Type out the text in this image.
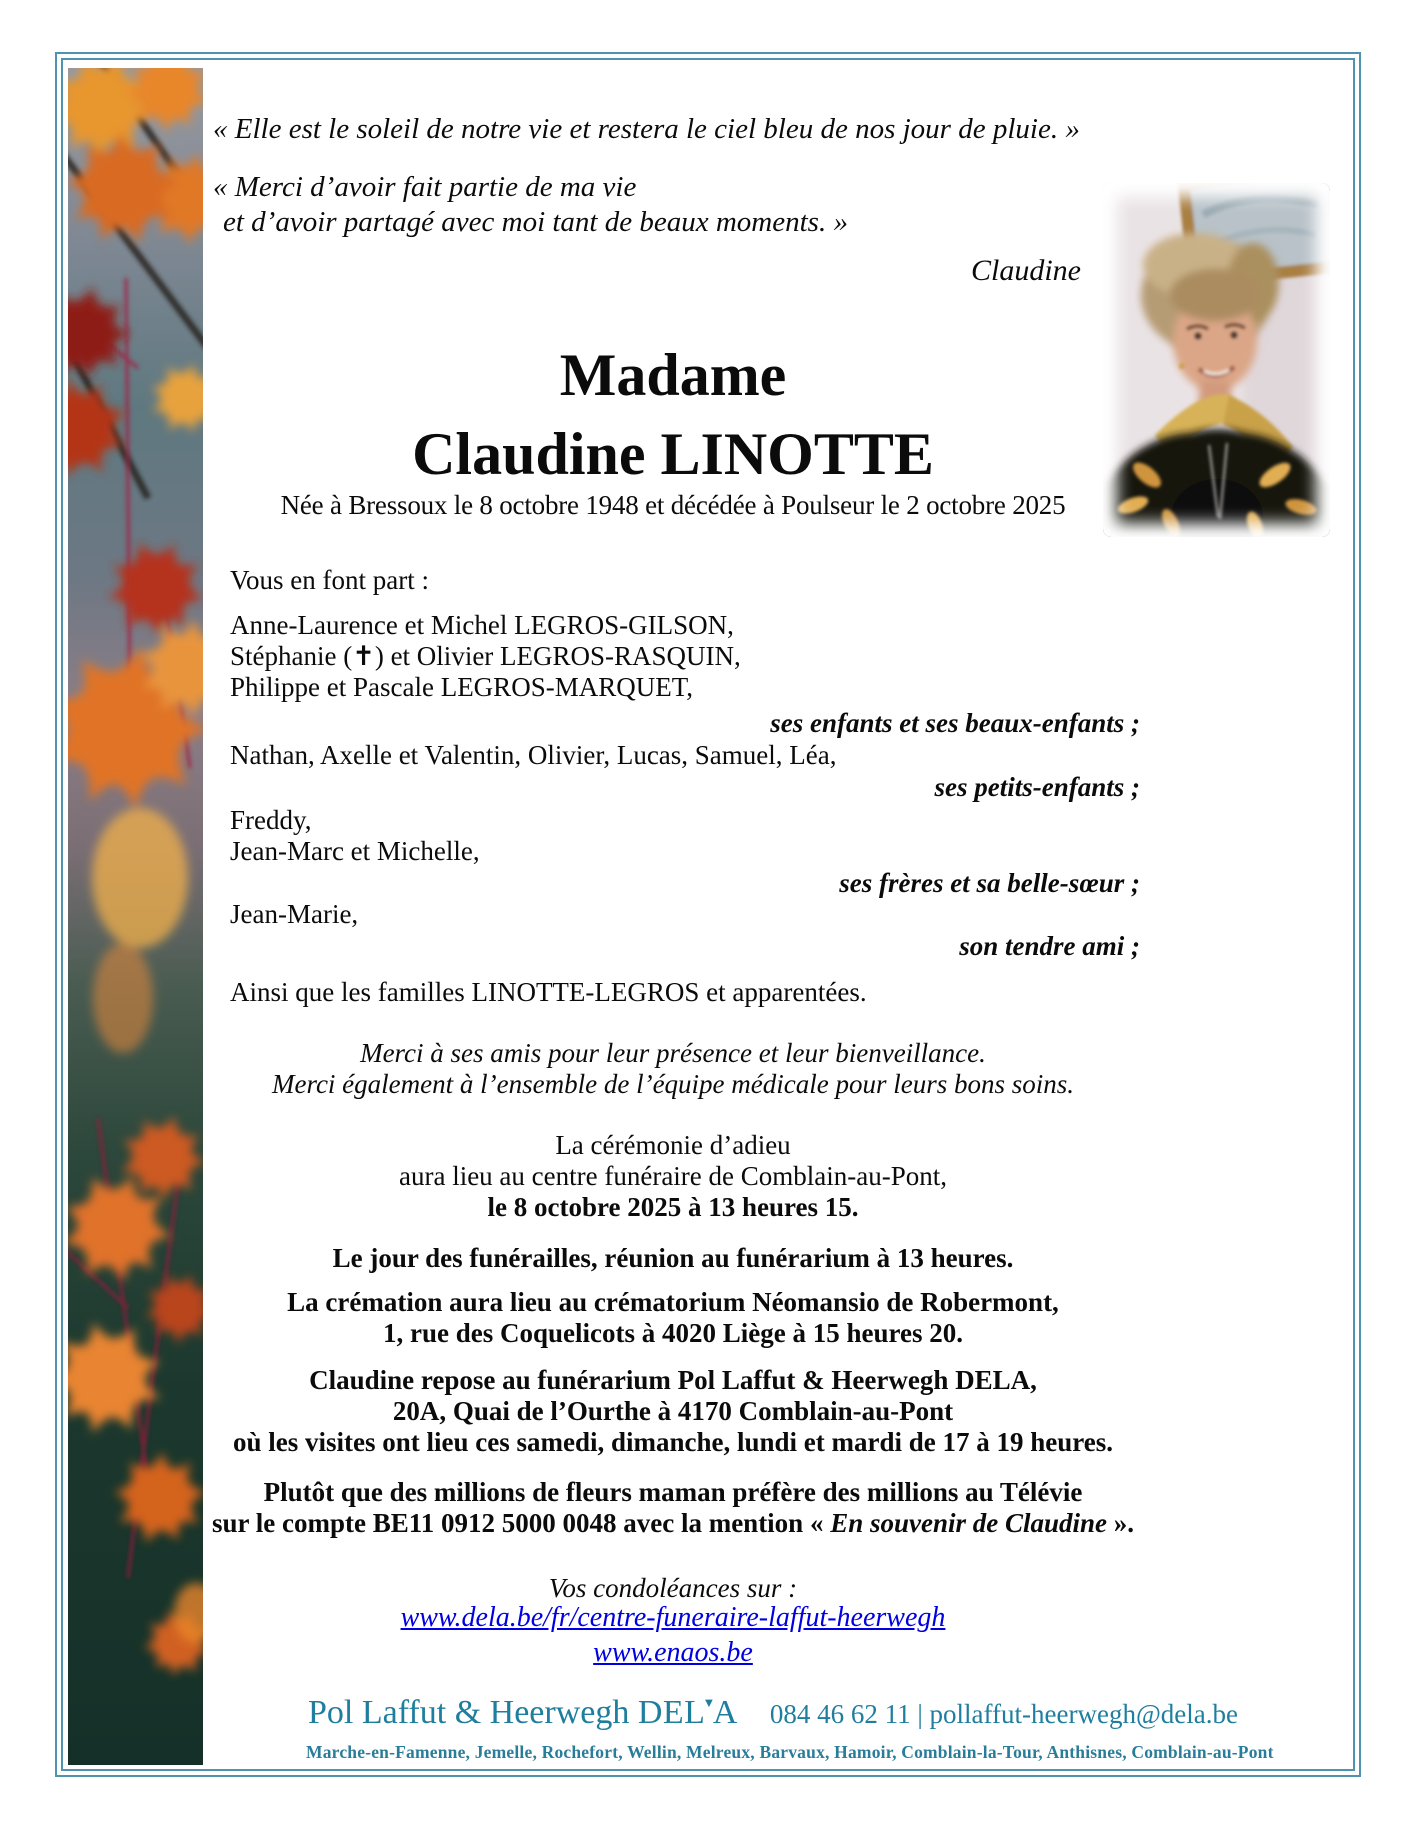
« Elle est le soleil de notre vie et restera le ciel bleu de nos jour de pluie. »
« Merci d’avoir fait partie de ma vie
et d’avoir partagé avec moi tant de beaux moments. »
Claudine
Madame
Claudine LINOTTE
Née à Bressoux le 8 octobre 1948 et décédée à Poulseur le 2 octobre 2025
Vous en font part :
Anne-Laurence et Michel LEGROS-GILSON,
Stéphanie (✝) et Olivier LEGROS-RASQUIN,
Philippe et Pascale LEGROS-MARQUET,
ses enfants et ses beaux-enfants ;
Nathan, Axelle et Valentin, Olivier, Lucas, Samuel, Léa,
ses petits-enfants ;
Freddy,
Jean-Marc et Michelle,
ses frères et sa belle-sœur ;
Jean-Marie,
son tendre ami ;
Ainsi que les familles LINOTTE-LEGROS et apparentées.
Merci à ses amis pour leur présence et leur bienveillance.
Merci également à l’ensemble de l’équipe médicale pour leurs bons soins.
La cérémonie d’adieu
aura lieu au centre funéraire de Comblain-au-Pont,
le 8 octobre 2025 à 13 heures 15.
Le jour des funérailles, réunion au funérarium à 13 heures.
La crémation aura lieu au crématorium Néomansio de Robermont,
1, rue des Coquelicots à 4020 Liège à 15 heures 20.
Claudine repose au funérarium Pol Laffut & Heerwegh DELA,
20A, Quai de l’Ourthe à 4170 Comblain-au-Pont
où les visites ont lieu ces samedi, dimanche, lundi et mardi de 17 à 19 heures.
Plutôt que des millions de fleurs maman préfère des millions au Télévie
sur le compte BE11 0912 5000 0048 avec la mention « En souvenir de Claudine ».
Vos condoléances sur :
www.dela.be/fr/centre-funeraire-laffut-heerwegh
www.enaos.be
Pol Laffut & Heerwegh DEL▼A 084 46 62 11 | pollaffut-heerwegh@dela.be
Marche-en-Famenne, Jemelle, Rochefort, Wellin, Melreux, Barvaux, Hamoir, Comblain-la-Tour, Anthisnes, Comblain-au-Pont
